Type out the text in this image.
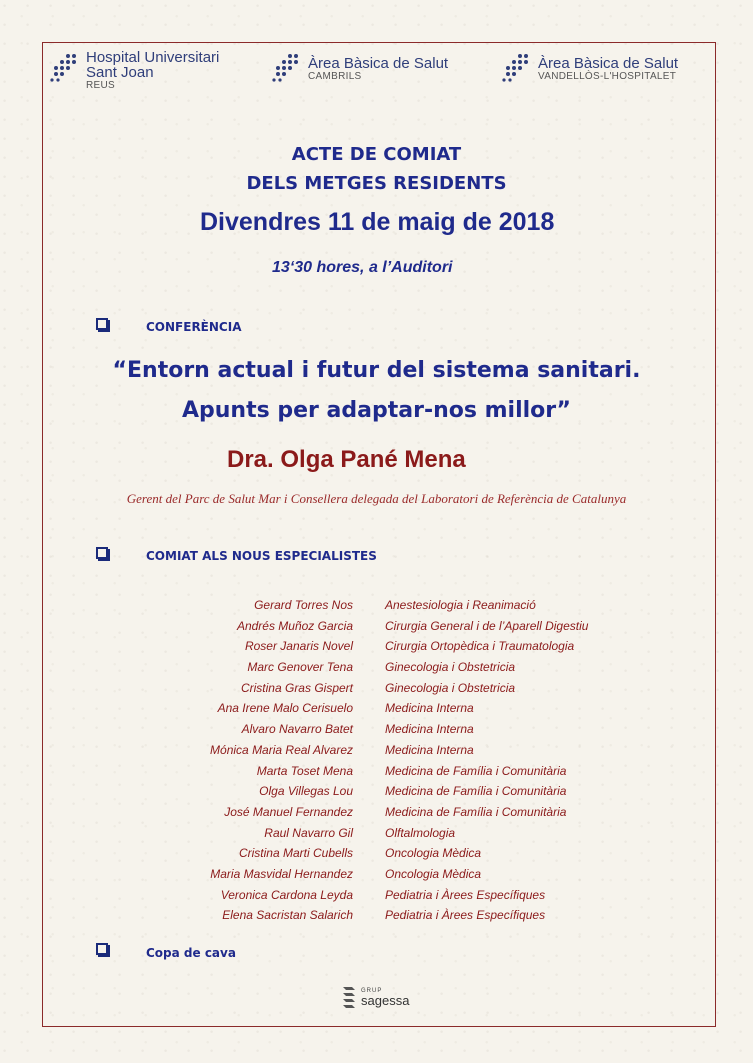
Hospital Universitari
Sant Joan
REUS
Àrea Bàsica de Salut
CAMBRILS
Àrea Bàsica de Salut
VANDELLÒS-L'HOSPITALET
ACTE DE COMIAT
DELS METGES RESIDENTS
Divendres 11 de maig de 2018
13‘30 hores, a l’Auditori
CONFERÈNCIA
“Entorn actual i futur del sistema sanitari.
Apunts per adaptar-nos millor”
Dra. Olga Pané Mena
Gerent del Parc de Salut Mar i Consellera delegada del Laboratori de Referència de Catalunya
COMIAT ALS NOUS ESPECIALISTES
Gerard Torres Nos	Anestesiologia i Reanimació
Andrés Muñoz Garcia	Cirurgia General i de l’Aparell Digestiu
Roser Janaris Novel	Cirurgia Ortopèdica i Traumatologia
Marc Genover Tena	Ginecologia i Obstetricia
Cristina Gras Gispert	Ginecologia i Obstetricia
Ana Irene Malo Cerisuelo	Medicina Interna
Alvaro Navarro Batet	Medicina Interna
Mónica Maria Real Alvarez	Medicina Interna
Marta Toset Mena	Medicina de Família i Comunitària
Olga Villegas Lou	Medicina de Família i Comunitària
José Manuel Fernandez	Medicina de Família i Comunitària
Raul Navarro Gil	Olftalmologia
Cristina Marti Cubells	Oncologia Mèdica
Maria Masvidal Hernandez	Oncologia Mèdica
Veronica Cardona Leyda	Pediatria i Àrees Específiques
Elena Sacristan Salarich	Pediatria i Àrees Específiques
Copa de cava
GRUP
sagessa
